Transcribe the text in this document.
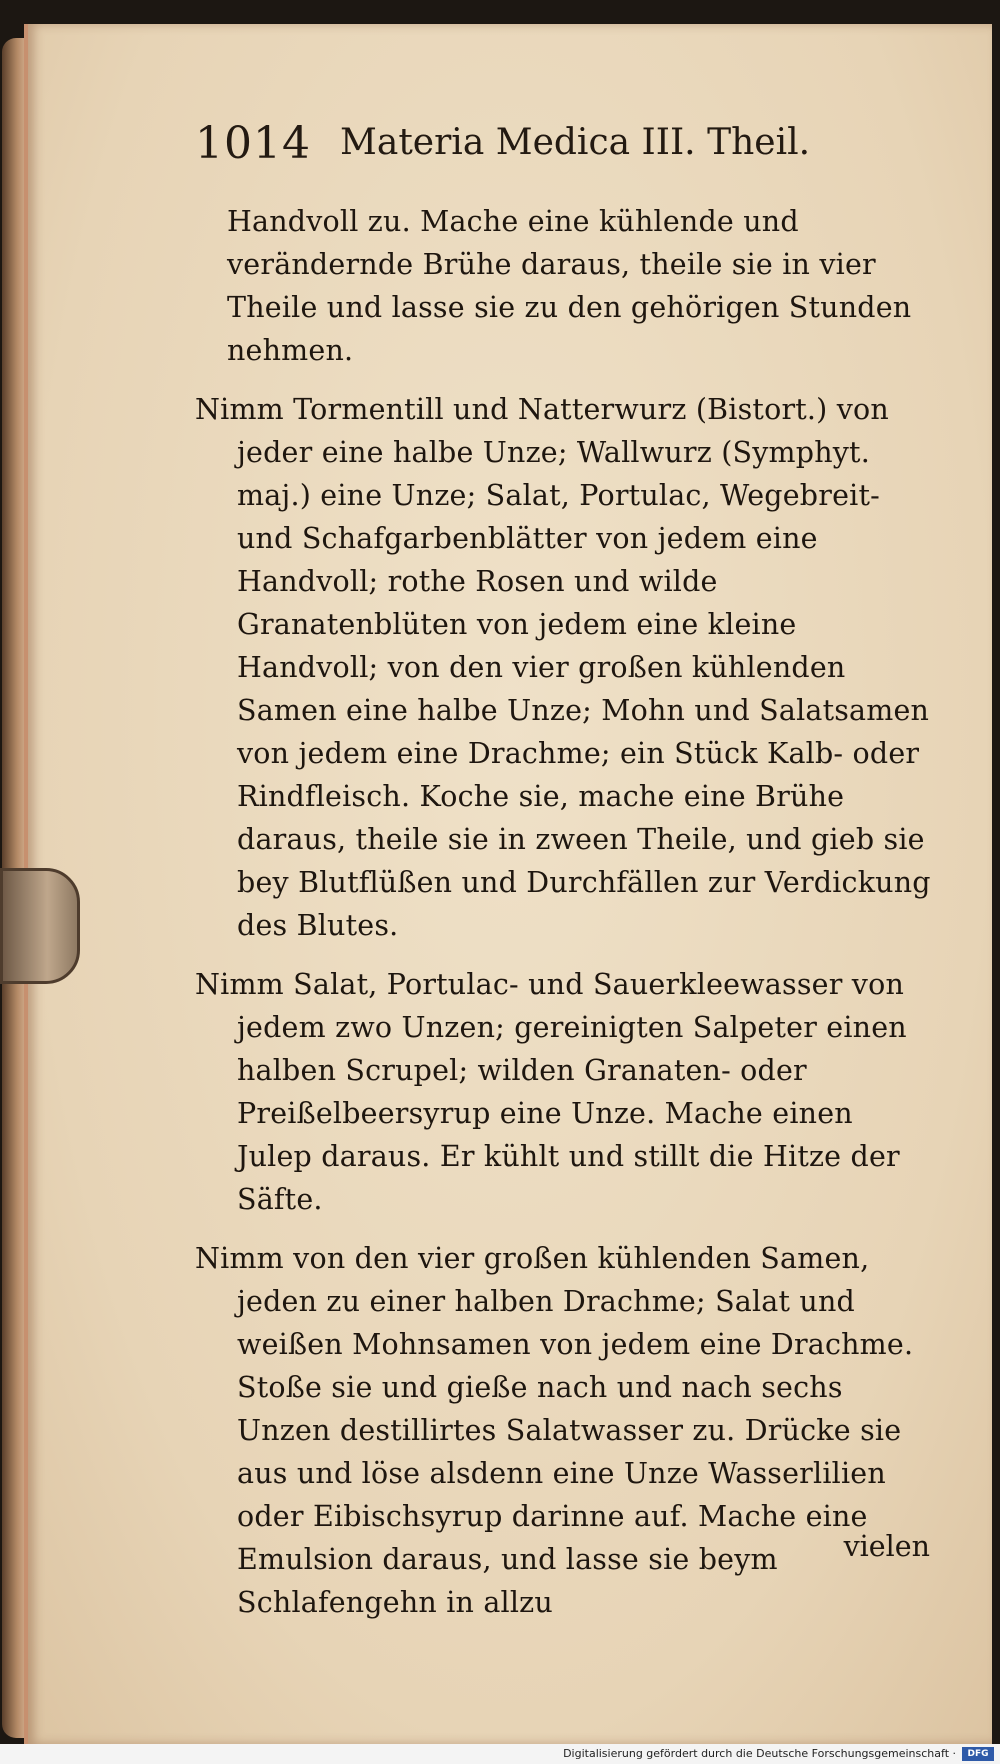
1014 Materia Medica III. Theil.

Handvoll zu. Mache eine kühlende und verändernde Brühe daraus, theile sie in vier Theile und lasse sie zu den gehörigen Stunden nehmen.

Nimm Tormentill und Natterwurz (Bistort.) von jeder eine halbe Unze; Wallwurz (Symphyt. maj.) eine Unze; Salat, Portulac, Wegebreit- und Schafgarbenblätter von jedem eine Handvoll; rothe Rosen und wilde Granatenblüten von jedem eine kleine Handvoll; von den vier großen kühlenden Samen eine halbe Unze; Mohn und Salatsamen von jedem eine Drachme; ein Stück Kalb- oder Rindfleisch. Koche sie, mache eine Brühe daraus, theile sie in zween Theile, und gieb sie bey Blutflüßen und Durchfällen zur Verdickung des Blutes.

Nimm Salat, Portulac- und Sauerkleewasser von jedem zwo Unzen; gereinigten Salpeter einen halben Scrupel; wilden Granaten- oder Preißelbeersyrup eine Unze. Mache einen Julep daraus. Er kühlt und stillt die Hitze der Säfte.

Nimm von den vier großen kühlenden Samen, jeden zu einer halben Drachme; Salat und weißen Mohnsamen von jedem eine Drachme. Stoße sie und gieße nach und nach sechs Unzen destillirtes Salatwasser zu. Drücke sie aus und löse alsdenn eine Unze Wasserlilien oder Eibischsyrup darinne auf. Mache eine Emulsion daraus, und lasse sie beym Schlafengehn in allzu

vielen
Digitalisierung gefördert durch die Deutsche Forschungsgemeinschaft ·	DFG
